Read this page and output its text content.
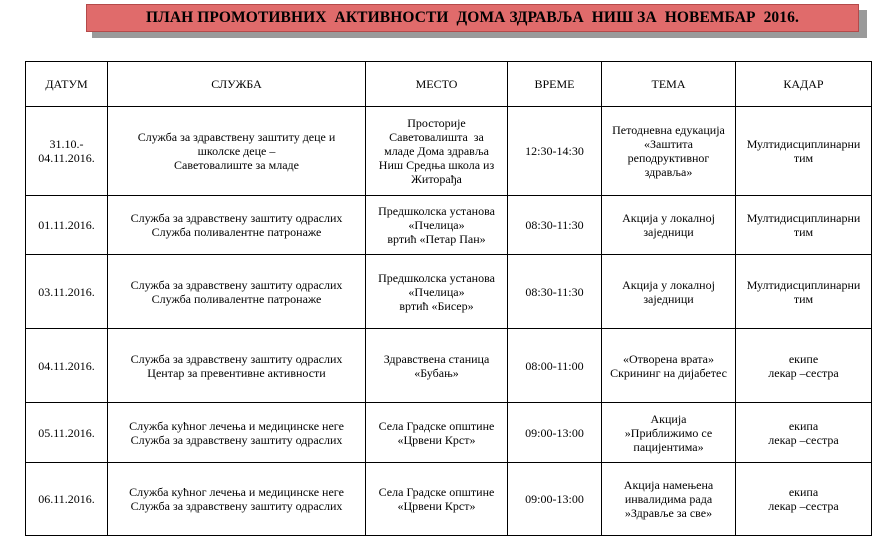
ПЛАН ПРОМОТИВНИХ  АКТИВНОСТИ  ДОМА ЗДРАВЉА  НИШ ЗА  НОВЕМБАР  2016.
ДАТУМ	СЛУЖБА	МЕСТО	ВРЕМЕ	ТЕМА	КАДАР

31.10.-
04.11.2016.	Служба за здравствену заштиту деце и
школске деце –
Саветовалиште за младе	Просторије
Саветовалишта  за
младе Дома здравља
Ниш Средња школа из
Житорађа	12:30-14:30	Петодневна едукација
«Заштита
реподруктивног
здравља»	Мултидисциплинарни
тим

01.11.2016.	Служба за здравствену заштиту одраслих
Служба поливалентне патронаже	Предшколска установа
«Пчелица»
вртић «Петар Пан»	08:30-11:30	Акција у локалној
заједници	Мултидисциплинарни
тим

03.11.2016.	Служба за здравствену заштиту одраслих
Служба поливалентне патронаже	Предшколска установа
«Пчелица»
вртић «Бисер»	08:30-11:30	Акција у локалној
заједници	Мултидисциплинарни
тим

04.11.2016.	Служба за здравствену заштиту одраслих
Центар за превентивне активности	Здравствена станица
«Бубањ»	08:00-11:00	«Отворена врата»
Скрининг на дијабетес	екипе
лекар –сестра

05.11.2016.	Служба кућног лечења и медицинске неге
Служба за здравствену заштиту одраслих	Села Градске општине
«Црвени Крст»	09:00-13:00	Акција
»Приближимо се
пацијентима»	екипа
лекар –сестра

06.11.2016.	Служба кућног лечења и медицинске неге
Служба за здравствену заштиту одраслих	Села Градске општине
«Црвени Крст»	09:00-13:00	Акција намењена
инвалидима рада
»Здравље за све»	екипа
лекар –сестра
